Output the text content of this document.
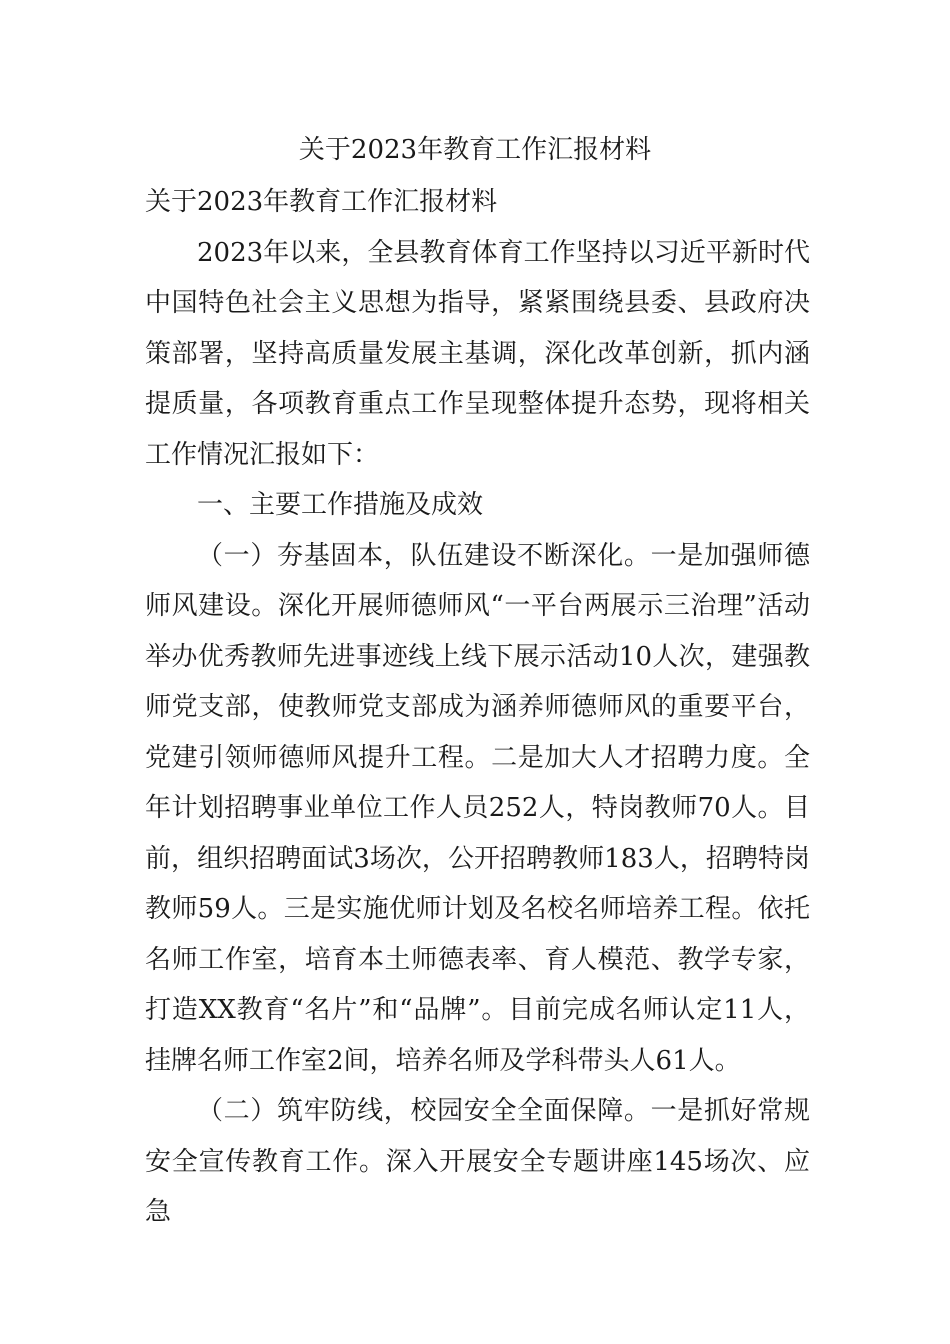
关于2023年教育工作汇报材料

关于2023年教育工作汇报材料

2023年以来，全县教育体育工作坚持以习近平新时代中国特色社会主义思想为指导，紧紧围绕县委、县政府决策部署，坚持高质量发展主基调，深化改革创新，抓内涵提质量，各项教育重点工作呈现整体提升态势，现将相关工作情况汇报如下：

一、主要工作措施及成效

（一）夯基固本，队伍建设不断深化。一是加强师德师风建设。深化开展师德师风“一平台两展示三治理”活动举办优秀教师先进事迹线上线下展示活动10人次，建强教师党支部，使教师党支部成为涵养师德师风的重要平台，党建引领师德师风提升工程。二是加大人才招聘力度。全年计划招聘事业单位工作人员252人，特岗教师70人。目前，组织招聘面试3场次，公开招聘教师183人，招聘特岗教师59人。三是实施优师计划及名校名师培养工程。依托名师工作室，培育本土师德表率、育人模范、教学专家，打造XX教育“名片”和“品牌”。目前完成名师认定11人，挂牌名师工作室2间，培养名师及学科带头人61人。

（二）筑牢防线，校园安全全面保障。一是抓好常规安全宣传教育工作。深入开展安全专题讲座145场次、应急
